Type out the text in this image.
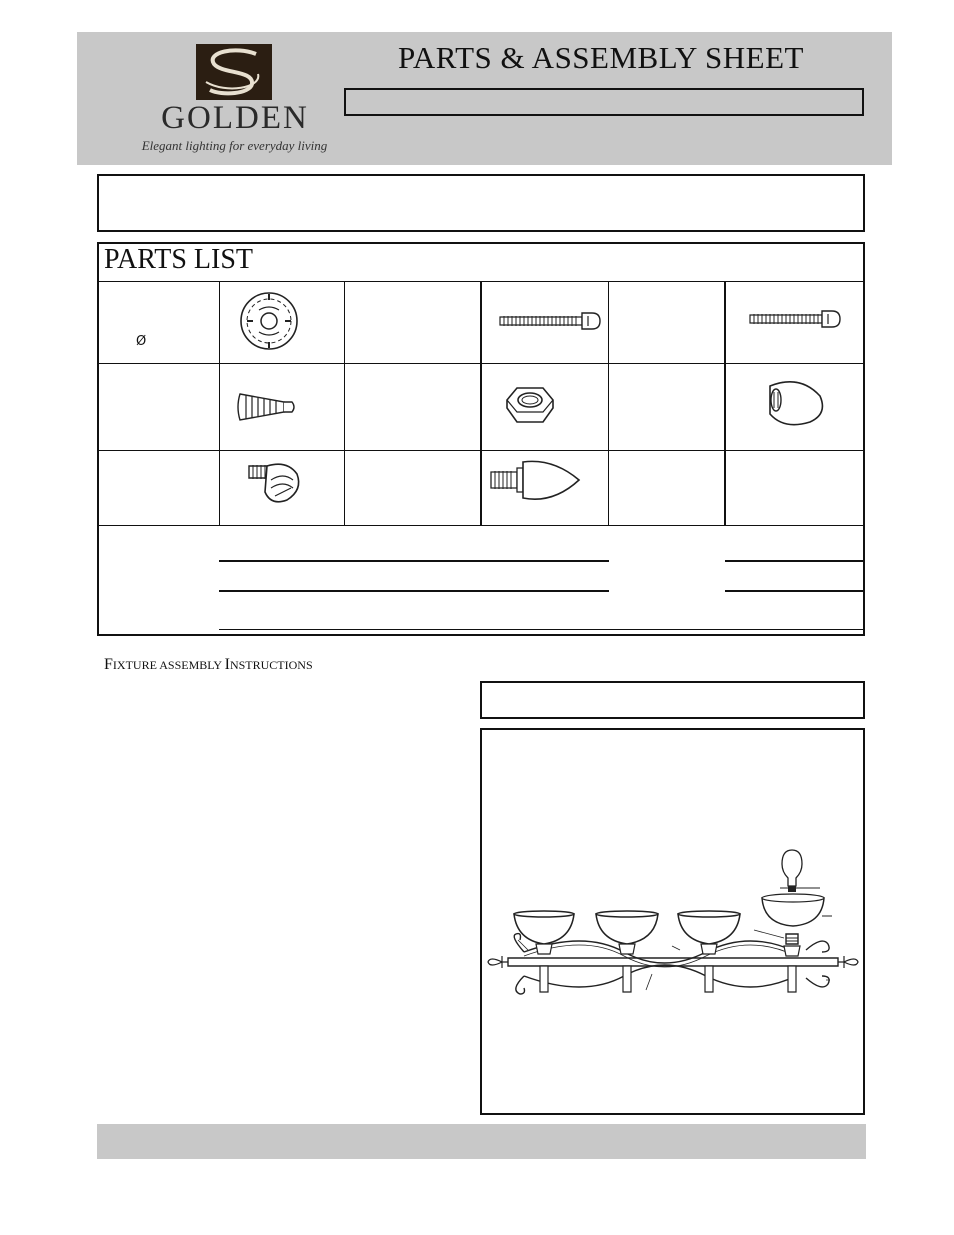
GOLDEN
Elegant lighting for everyday living
PARTS & ASSEMBLY SHEET
PARTS LIST
Ø
FIXTURE ASSEMBLY INSTRUCTIONS
